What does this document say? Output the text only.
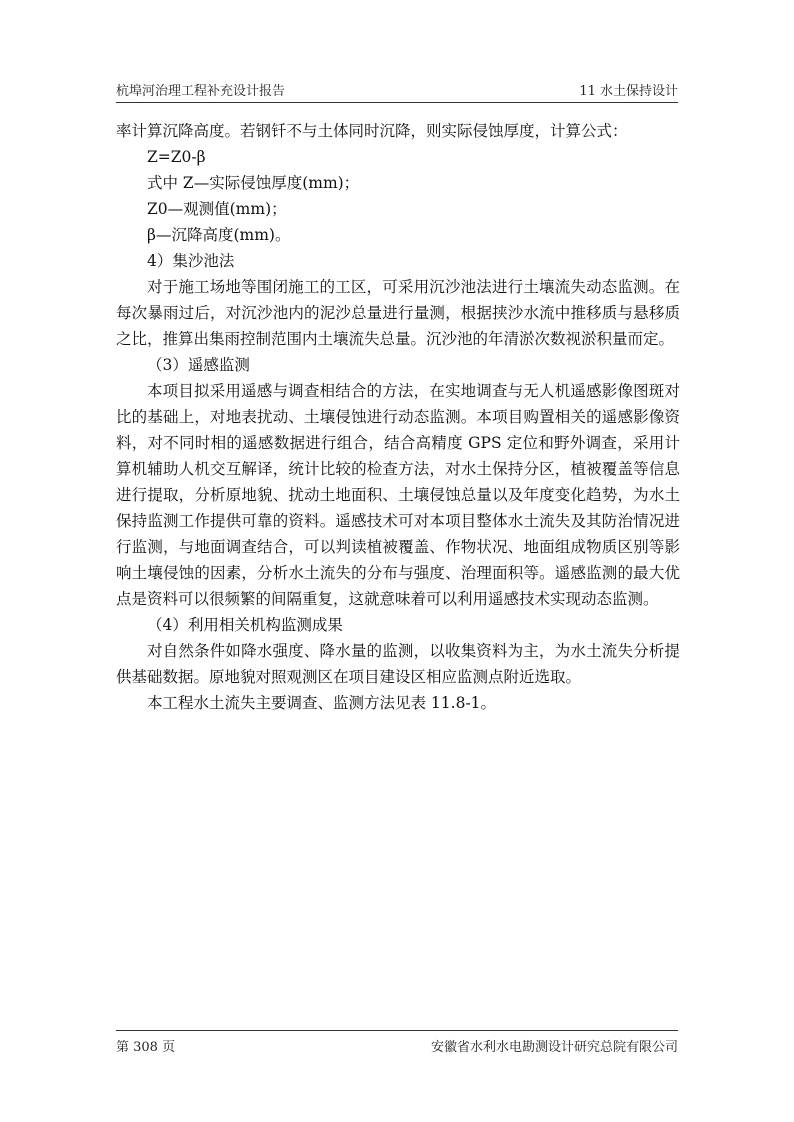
杭埠河治理工程补充设计报告	11 水土保持设计

率计算沉降高度。若钢钎不与土体同时沉降，则实际侵蚀厚度，计算公式：

Z=Z0-β

式中 Z—实际侵蚀厚度(mm)；

Z0—观测值(mm)；

β—沉降高度(mm)。

4）集沙池法

对于施工场地等围闭施工的工区，可采用沉沙池法进行土壤流失动态监测。在每次暴雨过后，对沉沙池内的泥沙总量进行量测，根据挟沙水流中推移质与悬移质之比，推算出集雨控制范围内土壤流失总量。沉沙池的年清淤次数视淤积量而定。

（3）遥感监测

本项目拟采用遥感与调查相结合的方法，在实地调查与无人机遥感影像图斑对比的基础上，对地表扰动、土壤侵蚀进行动态监测。本项目购置相关的遥感影像资料，对不同时相的遥感数据进行组合，结合高精度 GPS 定位和野外调查，采用计算机辅助人机交互解译，统计比较的检查方法，对水土保持分区，植被覆盖等信息进行提取，分析原地貌、扰动土地面积、土壤侵蚀总量以及年度变化趋势，为水土保持监测工作提供可靠的资料。遥感技术可对本项目整体水土流失及其防治情况进行监测，与地面调查结合，可以判读植被覆盖、作物状况、地面组成物质区别等影响土壤侵蚀的因素，分析水土流失的分布与强度、治理面积等。遥感监测的最大优点是资料可以很频繁的间隔重复，这就意味着可以利用遥感技术实现动态监测。

（4）利用相关机构监测成果

对自然条件如降水强度、降水量的监测，以收集资料为主，为水土流失分析提供基础数据。原地貌对照观测区在项目建设区相应监测点附近选取。

本工程水土流失主要调查、监测方法见表 11.8-1。

第 308 页	安徽省水利水电勘测设计研究总院有限公司
